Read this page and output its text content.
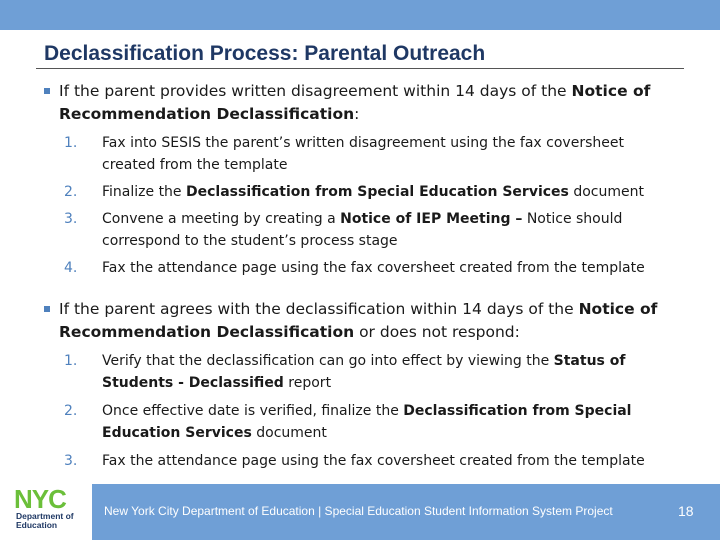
Declassification Process: Parental Outreach
If the parent provides written disagreement within 14 days of the Notice of Recommendation Declassification:
1. Fax into SESIS the parent’s written disagreement using the fax coversheet created from the template
2. Finalize the Declassification from Special Education Services document
3. Convene a meeting by creating a Notice of IEP Meeting – Notice should correspond to the student’s process stage
4. Fax the attendance page using the fax coversheet created from the template
If the parent agrees with the declassification within 14 days of the Notice of Recommendation Declassification or does not respond:
1. Verify that the declassification can go into effect by viewing the Status of Students - Declassified report
2. Once effective date is verified, finalize the Declassification from Special Education Services document
3. Fax the attendance page using the fax coversheet created from the template
NYC
Department of
Education
New York City Department of Education | Special Education Student Information System Project	18
